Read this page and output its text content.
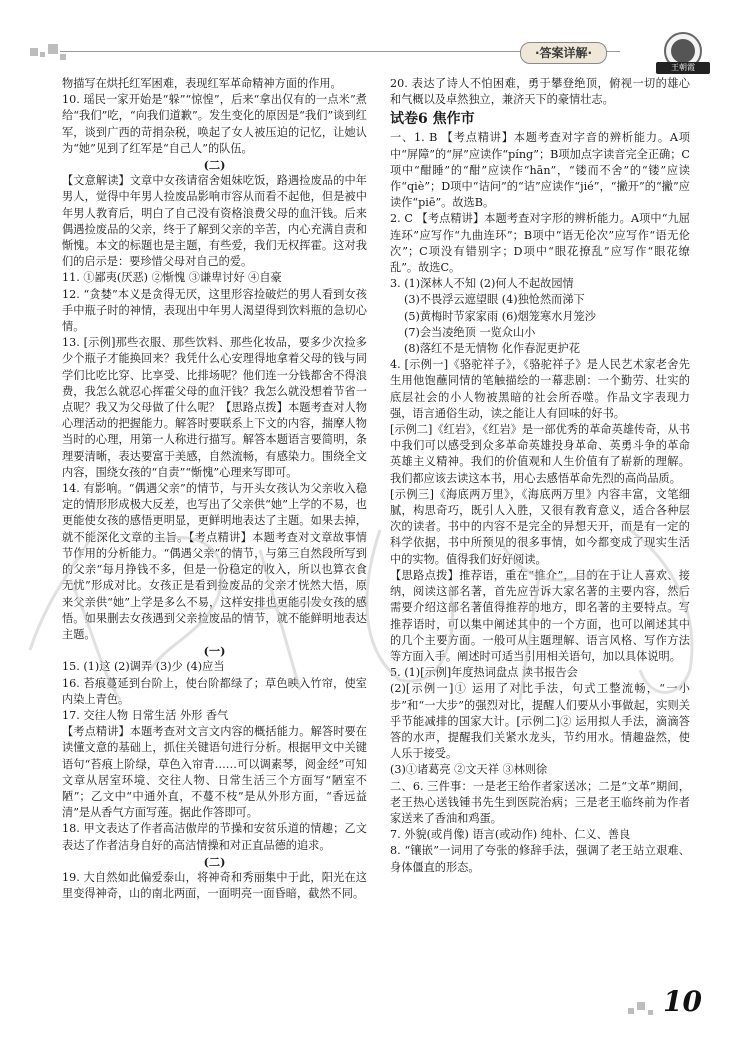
·答案详解·
王朝霞

物描写在烘托红军困难，表现红军革命精神方面的作用。

10. 瑶民一家开始是“躲”“惊惶”，后来“拿出仅有的一点米”煮给“我们”吃，“向我们道歉”。发生变化的原因是“我们”谈到红军，谈到广西的苛捐杂税，唤起了女人被压迫的记忆，让她认为“她”见到了红军是“自己人”的队伍。

(二)

【文意解读】文章中女孩请宿舍姐妹吃饭，路遇捡废品的中年男人，觉得中年男人捡废品影响市容从而看不起他，但是被中年男人教育后，明白了自己没有资格浪费父母的血汗钱。后来偶遇捡废品的父亲，终于了解到父亲的辛苦，内心充满自责和惭愧。本文的标题也是主题，有些爱，我们无权挥霍。这对我们的启示是：要珍惜父母对自己的爱。

11. ①鄙夷(厌恶) ②惭愧 ③谦卑讨好 ④自豪

12. “贪婪”本义是贪得无厌，这里形容捡破烂的男人看到女孩手中瓶子时的神情，表现出中年男人渴望得到饮料瓶的急切心情。

13. [示例]那些衣服、那些饮料、那些化妆品，要多少次捡多少个瓶子才能换回来？我凭什么心安理得地拿着父母的钱与同学们比吃比穿、比享受、比排场呢？他们连一分钱都舍不得浪费，我怎么就忍心挥霍父母的血汗钱？我怎么就没想着节省一点呢？我又为父母做了什么呢？【思路点拨】本题考查对人物心理活动的把握能力。解答时要联系上下文的内容，揣摩人物当时的心理，用第一人称进行描写。解答本题语言要简明，条理要清晰，表达要富于美感，自然流畅，有感染力。围绕全文内容，围绕女孩的“自责”“惭愧”心理来写即可。

14. 有影响。“偶遇父亲”的情节，与开头女孩认为父亲收入稳定的情形形成极大反差，也写出了父亲供“她”上学的不易，也更能使女孩的感悟更明显，更鲜明地表达了主题。如果去掉，就不能深化文章的主旨。【考点精讲】本题考查对文章故事情节作用的分析能力。“偶遇父亲”的情节，与第三自然段所写到的父亲“每月挣钱不多，但是一份稳定的收入，所以也算衣食无忧”形成对比。女孩正是看到捡废品的父亲才恍然大悟，原来父亲供“她”上学是多么不易，这样安排也更能引发女孩的感悟。如果删去女孩遇到父亲捡废品的情节，就不能鲜明地表达主题。

(一)

15. (1)这 (2)调弄 (3)少 (4)应当

16. 苔痕蔓延到台阶上，使台阶都绿了；草色映入竹帘，使室内染上青色。

17. 交往人物 日常生活 外形 香气

【考点精讲】本题考查对文言文内容的概括能力。解答时要在读懂文意的基础上，抓住关键语句进行分析。根据甲文中关键语句“苔痕上阶绿，草色入帘青……可以调素琴，阅金经”可知文章从居室环境、交往人物、日常生活三个方面写“陋室不陋”；乙文中“中通外直，不蔓不枝”是从外形方面，“香远益清”是从香气方面写莲。据此作答即可。

18. 甲文表达了作者高洁傲岸的节操和安贫乐道的情趣；乙文表达了作者洁身自好的高洁情操和对正直品德的追求。

(二)

19. 大自然如此偏爱泰山，将神奇和秀丽集中于此，阳光在这里变得神奇，山的南北两面，一面明亮一面昏暗，截然不同。

20. 表达了诗人不怕困难，勇于攀登绝顶，俯视一切的雄心和气概以及卓然独立，兼济天下的豪情壮志。

试卷6 焦作市

一、1. B 【考点精讲】本题考查对字音的辨析能力。A项中“屏障”的“屏”应读作“píng”；B项加点字读音完全正确；C项中“酣睡”的“酣”应读作“hān”，“镂而不舍”的“镂”应读作“qiè”；D项中“诘问”的“诘”应读作“jié”，“撇开”的“撇”应读作“piē”。故选B。

2. C 【考点精讲】本题考查对字形的辨析能力。A项中“九屈连环”应写作“九曲连环”；B项中“语无伦次”应写作“语无伦次”；C项没有错别字；D项中“眼花撩乱”应写作“眼花缭乱”。故选C。

3. (1)深林人不知 (2)何人不起故园情

(3)不畏浮云遮望眼 (4)独怆然而涕下

(5)黄梅时节家家雨 (6)烟笼寒水月笼沙

(7)会当凌绝顶 一览众山小

(8)落红不是无情物 化作春泥更护花

4. [示例一]《骆驼祥子》，《骆驼祥子》是人民艺术家老舍先生用他饱蘸同情的笔触描绘的一幕悲剧：一个勤劳、壮实的底层社会的小人物被黑暗的社会所吞噬。作品文字表现力强，语言通俗生动，读之能让人有回味的好书。

[示例二]《红岩》，《红岩》是一部优秀的革命英雄传奇，从书中我们可以感受到众多革命英雄投身革命、英勇斗争的革命英雄主义精神。我们的价值观和人生价值有了崭新的理解。我们都应该去读这本书，用心去感悟革命先烈的高尚品质。

[示例三]《海底两万里》，《海底两万里》内容丰富，文笔细腻，构思奇巧，既引人入胜，又很有教育意义，适合各种层次的读者。书中的内容不是完全的异想天开，而是有一定的科学依据，书中所预见的很多事情，如今都变成了现实生活中的实物。值得我们好好阅读。

【思路点拨】推荐语，重在“推介”，目的在于让人喜欢、接纳，阅读这部名著，首先应告诉大家名著的主要内容，然后需要介绍这部名著值得推荐的地方，即名著的主要特点。写推荐语时，可以集中阐述其中的一个方面，也可以阐述其中的几个主要方面。一般可从主题理解、语言风格、写作方法等方面入手。阐述时可适当引用相关语句，加以具体说明。

5. (1)[示例]年度热词盘点 读书报告会

(2)[示例一]① 运用了对比手法，句式工整流畅，“一小步”和“一大步”的强烈对比，提醒人们要从小事做起，实则关乎节能减排的国家大计。[示例二]② 运用拟人手法，滴滴答答的水声，提醒我们关紧水龙头，节约用水。情趣盎然，使人乐于接受。

(3)①诸葛亮 ②文天祥 ③林则徐

二、6. 三件事：一是老王给作者家送冰；二是“文革”期间，老王热心送钱锺书先生到医院治病；三是老王临终前为作者家送来了香油和鸡蛋。

7. 外貌(或肖像) 语言(或动作) 纯朴、仁义、善良

8. “镶嵌”一词用了夸张的修辞手法，强调了老王站立艰难、身体僵直的形态。

10
